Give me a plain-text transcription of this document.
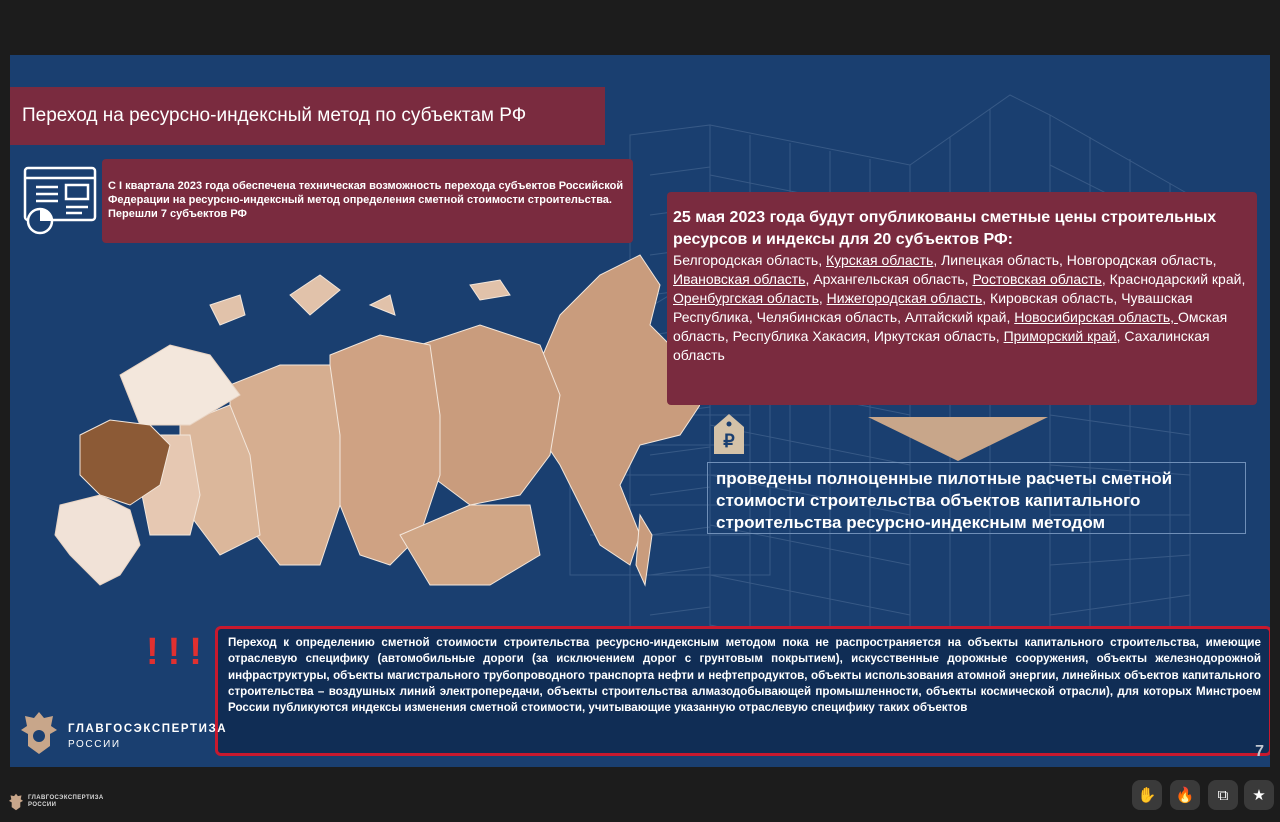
Переход на ресурсно-индексный метод по субъектам РФ
С I квартала 2023 года обеспечена техническая возможность перехода субъектов Российской Федерации на ресурсно-индексный метод определения сметной стоимости строительства. Перешли 7 субъектов РФ	25 мая 2023 года будут опубликованы сметные цены строительных ресурсов и индексы для 20 субъектов РФ:
Белгородская область, Курская область, Липецкая область, Новгородская область, Ивановская область, Архангельская область, Ростовская область, Краснодарский край, Оренбургская область, Нижегородская область, Кировская область, Чувашская Республика, Челябинская область, Алтайский край, Новосибирская область, Омская область, Республика Хакасия, Иркутская область, Приморский край, Сахалинская область
₽
проведены полноценные пилотные расчеты сметной стоимости строительства объектов капитального строительства ресурсно-индексным методом
!!!	Переход к определению сметной стоимости строительства ресурсно-индексным методом пока не распространяется на объекты капитального строительства, имеющие отраслевую специфику (автомобильные дороги (за исключением дорог с грунтовым покрытием), искусственные дорожные сооружения, объекты железнодорожной инфраструктуры, объекты магистрального трубопроводного транспорта нефти и нефтепродуктов, объекты использования атомной энергии, линейных объектов капитального строительства – воздушных линий электропередачи, объекты строительства алмазодобывающей промышленности, объекты космической отрасли), для которых Минстроем России публикуются индексы изменения сметной стоимости, учитывающие указанную отраслевую специфику таких объектов
ГЛАВГОСЭКСПЕРТИЗА
РОССИИ	7
ГЛАВГОСЭКСПЕРТИЗА
РОССИИ
✋ 🔥 ⧉ ★
